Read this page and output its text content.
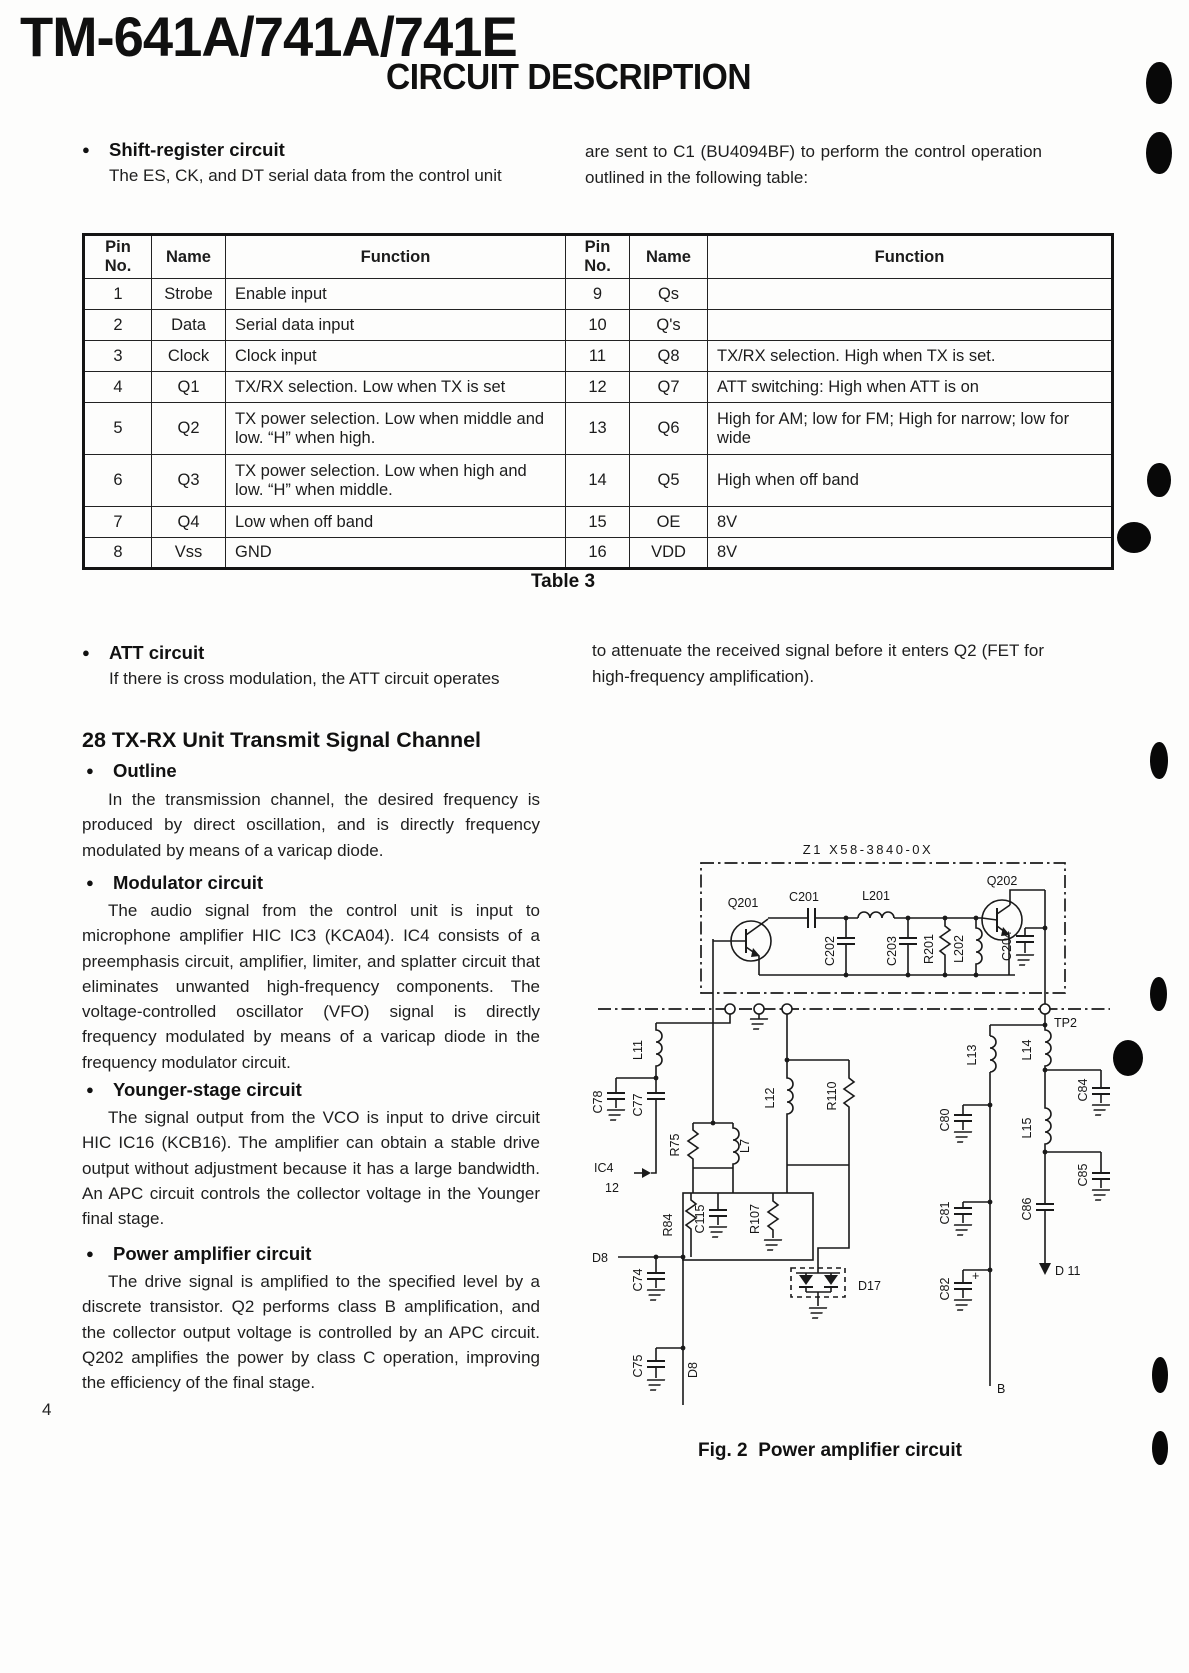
TM-641A/741A/741E
CIRCUIT DESCRIPTION
● Shift-register circuit
The ES, CK, and DT serial data from the control unit
are sent to C1 (BU4094BF) to perform the control operation outlined in the following table:
Pin No.	Name	Function	Pin No.	Name	Function
1	Strobe	Enable input	9	Qs	
2	Data	Serial data input	10	Q's	
3	Clock	Clock input	11	Q8	TX/RX selection. High when TX is set.
4	Q1	TX/RX selection. Low when TX is set	12	Q7	ATT switching: High when ATT is on
5	Q2	TX power selection. Low when middle and low. “H” when high.	13	Q6	High for AM; low for FM; High for narrow; low for wide
6	Q3	TX power selection. Low when high and low. “H” when middle.	14	Q5	High when off band
7	Q4	Low when off band	15	OE	8V
8	Vss	GND	16	VDD	8V
Table 3
● ATT circuit
If there is cross modulation, the ATT circuit operates
to attenuate the received signal before it enters Q2 (FET for high-frequency amplification).
28 TX-RX Unit Transmit Signal Channel
● Outline
In the transmission channel, the desired frequency is produced by direct oscillation, and is directly frequency modulated by means of a varicap diode.
● Modulator circuit
The audio signal from the control unit is input to microphone amplifier HIC IC3 (KCA04). IC4 consists of a preemphasis circuit, amplifier, limiter, and splatter circuit that eliminates unwanted high-frequency components. The voltage-controlled oscillator (VFO) signal is directly frequency modulated by means of a varicap diode in the frequency modulator circuit.
● Younger-stage circuit
The signal output from the VCO is input to drive circuit HIC IC16 (KCB16). The amplifier can obtain a stable drive output without adjustment because it has a large bandwidth. An APC circuit controls the collector voltage in the Younger final stage.
● Power amplifier circuit
The drive signal is amplified to the specified level by a discrete transistor. Q2 performs class B amplification, and the collector output voltage is controlled by an APC circuit. Q202 amplifies the power by class C operation, improving the efficiency of the final stage.
Z1 X58-3840-0X
Q201 C201	L201
C202	C203 R201 L202
Q202
C204
TP2
L11
C78 C77
IC4
12
R75	L7
L12	R110
R84 C115	R107
D8
C74
C75	D8
D17
L13
C80
C81
C82
+
B
L14
C84
L15
C85
C86
D 11
Fig. 2 Power amplifier circuit
4
